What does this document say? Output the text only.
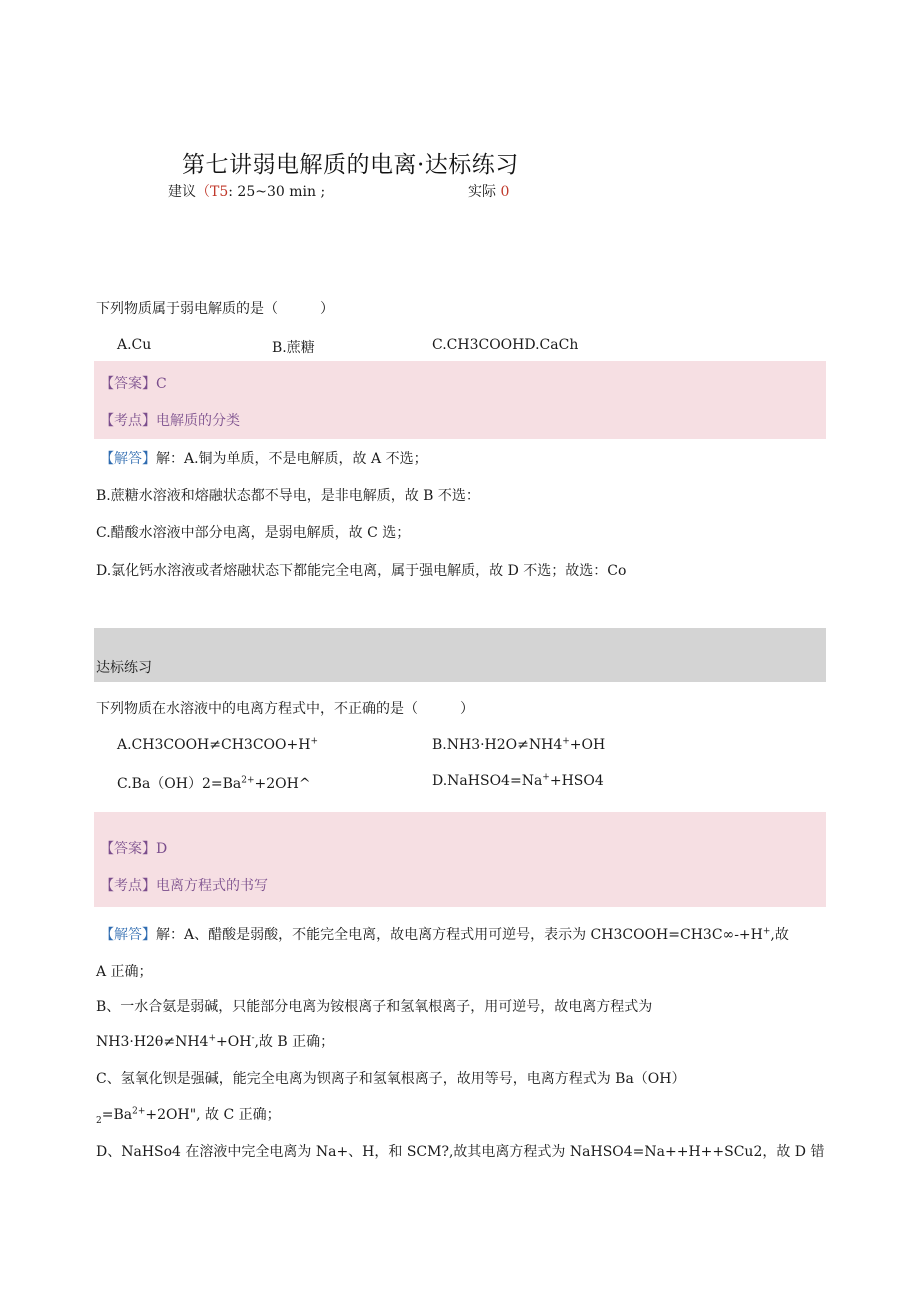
第七讲弱电解质的电离·达标练习
建议（T5: 25~30 min ;	实际 0
下列物质属于弱电解质的是（　　　）
A.Cu	B.蔗糖	C.CH3COOHD.CaCh
【答案】C
【考点】电解质的分类
【解答】解：A.铜为单质，不是电解质，故 A 不选；
B.蔗糖水溶液和熔融状态都不导电，是非电解质，故 B 不选：
C.醋酸水溶液中部分电离，是弱电解质，故 C 选；
D.氯化钙水溶液或者熔融状态下都能完全电离，属于强电解质，故 D 不选；故选：Co
达标练习
下列物质在水溶液中的电离方程式中，不正确的是（　　　）
A.CH3COOH≠CH3COO+H+	B.NH3·H2O≠NH4++OH
$C.Ba(OH)2=Ba^{2+}+2OH\^{}$	D.NaHSO4=Na++HSO4
【答案】D
【考点】电离方程式的书写
【解答】解：A、醋酸是弱酸，不能完全电离，故电离方程式用可逆号，表示为 CH3COOH=CH3C∞-+H+,故
A 正确；
B、一水合氨是弱碱，只能部分电离为铵根离子和氢氧根离子，用可逆号，故电离方程式为
NH3·H2θ≠NH4++OH-,故 B 正确；
C、氢氧化钡是强碱，能完全电离为钡离子和氢氧根离子，故用等号，电离方程式为 Ba（OH）
$_2=Ba^{2+}+2OH$", 故 C 正确；
D、NaHSo4 在溶液中完全电离为 Na+、H，和 SCM?,故其电离方程式为 NaHSO4=Na++H++SCu2，故 D 错
